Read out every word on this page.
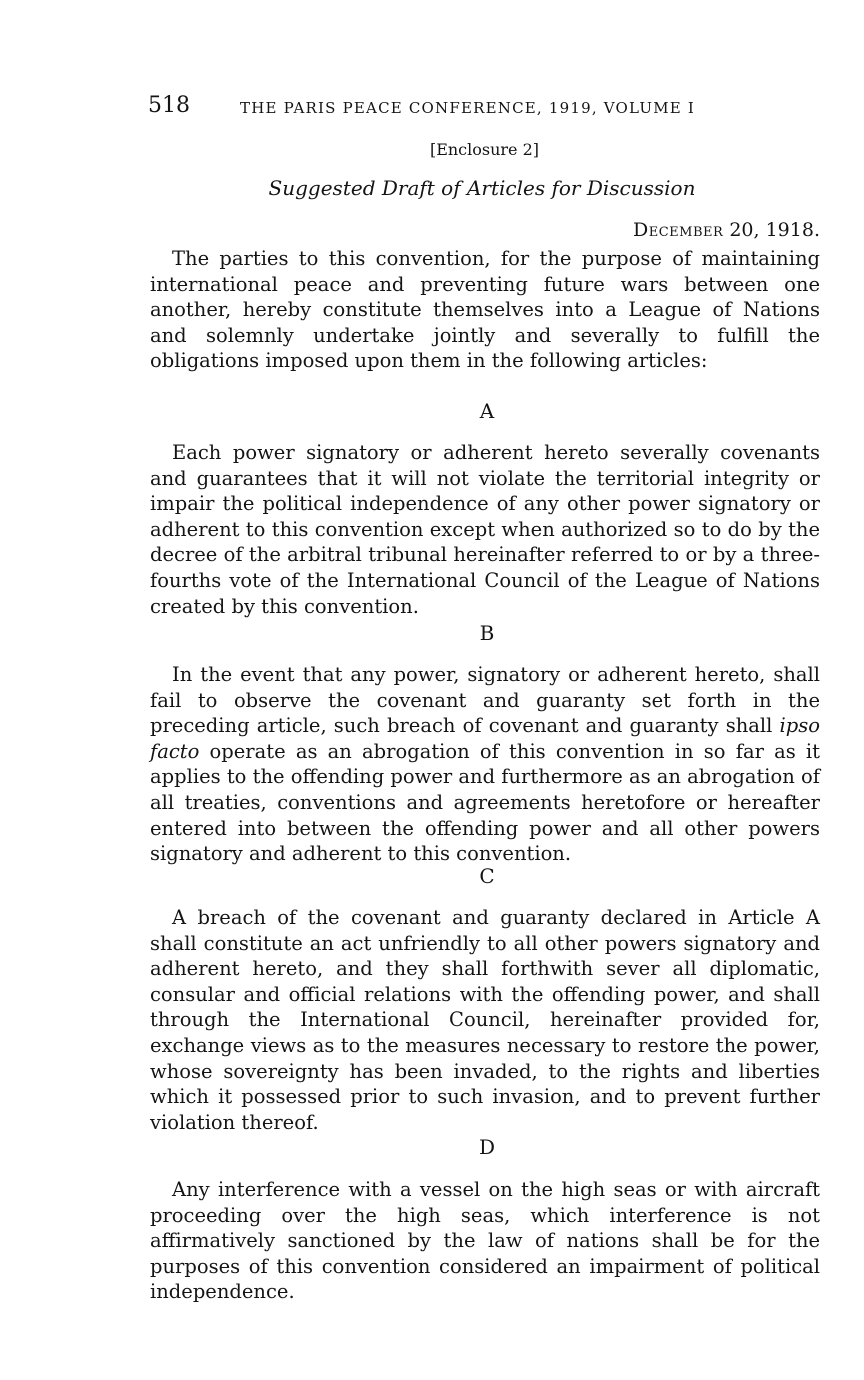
518	THE PARIS PEACE CONFERENCE, 1919, VOLUME I
[Enclosure 2]
Suggested Draft of Articles for Discussion
December 20, 1918.

The parties to this convention, for the purpose of maintaining international peace and preventing future wars between one another, hereby constitute themselves into a League of Nations and solemnly undertake jointly and severally to fulfill the obligations imposed upon them in the following articles:

A

Each power signatory or adherent hereto severally covenants and guarantees that it will not violate the territorial integrity or impair the political independence of any other power signatory or adherent to this convention except when authorized so to do by the decree of the arbitral tribunal hereinafter referred to or by a three-fourths vote of the International Council of the League of Nations created by this convention.

B

In the event that any power, signatory or adherent hereto, shall fail to observe the covenant and guaranty set forth in the preceding article, such breach of covenant and guaranty shall ipso facto operate as an abrogation of this convention in so far as it applies to the offending power and furthermore as an abrogation of all treaties, conventions and agreements heretofore or hereafter entered into between the offending power and all other powers signatory and adherent to this convention.

C

A breach of the covenant and guaranty declared in Article A shall constitute an act unfriendly to all other powers signatory and adherent hereto, and they shall forthwith sever all diplomatic, consular and official relations with the offending power, and shall through the International Council, hereinafter provided for, exchange views as to the measures necessary to restore the power, whose sovereignty has been invaded, to the rights and liberties which it possessed prior to such invasion, and to prevent further violation thereof.

D

Any interference with a vessel on the high seas or with aircraft proceeding over the high seas, which interference is not affirmatively sanctioned by the law of nations shall be for the purposes of this convention considered an impairment of political independence.
